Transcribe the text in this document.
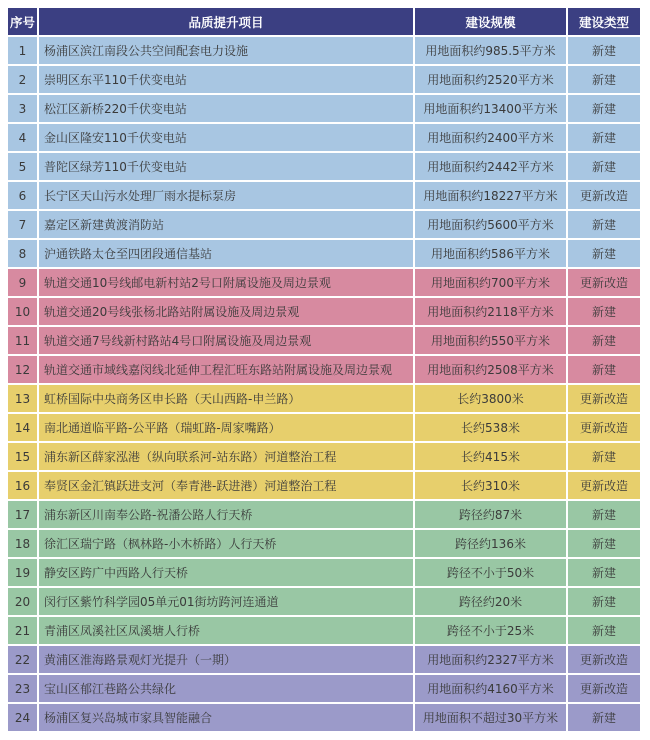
序号	品质提升项目	建设规模	建设类型
1	杨浦区滨江南段公共空间配套电力设施	用地面积约985.5平方米	新建
2	崇明区东平110千伏变电站	用地面积约2520平方米	新建
3	松江区新桥220千伏变电站	用地面积约13400平方米	新建
4	金山区隆安110千伏变电站	用地面积约2400平方米	新建
5	普陀区绿芳110千伏变电站	用地面积约2442平方米	新建
6	长宁区天山污水处理厂雨水提标泵房	用地面积约18227平方米	更新改造
7	嘉定区新建黄渡消防站	用地面积约5600平方米	新建
8	沪通铁路太仓至四团段通信基站	用地面积约586平方米	新建
9	轨道交通10号线邮电新村站2号口附属设施及周边景观	用地面积约700平方米	更新改造
10	轨道交通20号线张杨北路站附属设施及周边景观	用地面积约2118平方米	新建
11	轨道交通7号线新村路站4号口附属设施及周边景观	用地面积约550平方米	新建
12	轨道交通市域线嘉闵线北延伸工程汇旺东路站附属设施及周边景观	用地面积约2508平方米	新建
13	虹桥国际中央商务区申长路（天山西路-申兰路）	长约3800米	更新改造
14	南北通道临平路-公平路（瑞虹路-周家嘴路）	长约538米	更新改造
15	浦东新区薛家泓港（纵向联系河-站东路）河道整治工程	长约415米	新建
16	奉贤区金汇镇跃进支河（奉青港-跃进港）河道整治工程	长约310米	更新改造
17	浦东新区川南奉公路-祝潘公路人行天桥	跨径约87米	新建
18	徐汇区瑞宁路（枫林路-小木桥路）人行天桥	跨径约136米	新建
19	静安区跨广中西路人行天桥	跨径不小于50米	新建
20	闵行区紫竹科学园05单元01街坊跨河连通道	跨径约20米	新建
21	青浦区凤溪社区凤溪塘人行桥	跨径不小于25米	新建
22	黄浦区淮海路景观灯光提升（一期）	用地面积约2327平方米	更新改造
23	宝山区郁江巷路公共绿化	用地面积约4160平方米	更新改造
24	杨浦区复兴岛城市家具智能融合	用地面积不超过30平方米	新建
